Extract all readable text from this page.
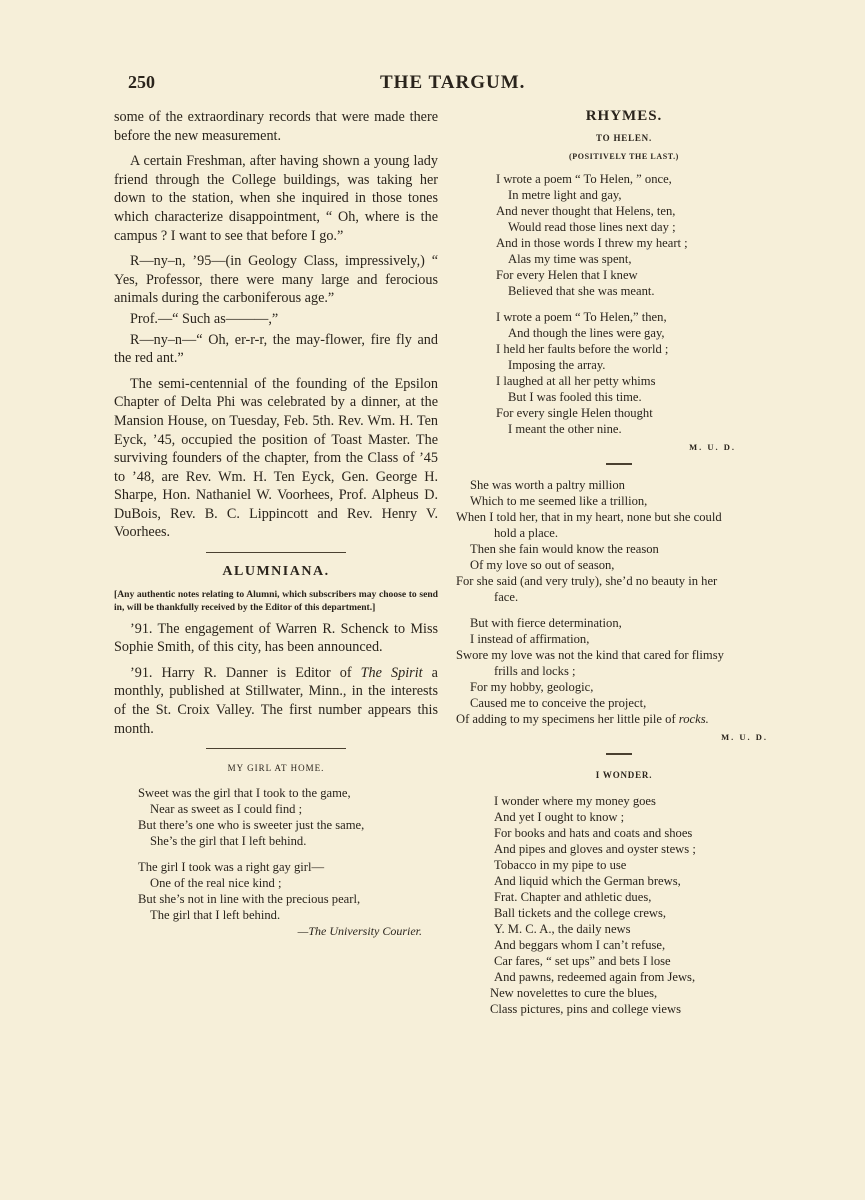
250	THE TARGUM.

some of the extraordinary records that were made there before the new measurement.

A certain Freshman, after having shown a young lady friend through the College buildings, was taking her down to the station, when she inquired in those tones which characterize disappointment, “ Oh, where is the campus ? I want to see that before I go.”

R—ny–n, ’95—(in Geology Class, impressively,) “ Yes, Professor, there were many large and ferocious animals during the carboniferous age.”

Prof.—“ Such as———,”

R—ny–n—“ Oh, er-r-r, the may-flower, fire fly and the red ant.”

The semi-centennial of the founding of the Epsilon Chapter of Delta Phi was celebrated by a dinner, at the Mansion House, on Tuesday, Feb. 5th. Rev. Wm. H. Ten Eyck, ’45, occupied the position of Toast Master. The surviving founders of the chapter, from the Class of ’45 to ’48, are Rev. Wm. H. Ten Eyck, Gen. George H. Sharpe, Hon. Nathaniel W. Voorhees, Prof. Alpheus D. DuBois, Rev. B. C. Lippincott and Rev. Henry V. Voorhees.

ALUMNIANA.

[Any authentic notes relating to Alumni, which subscribers may choose to send in, will be thankfully received by the Editor of this department.]

’91. The engagement of Warren R. Schenck to Miss Sophie Smith, of this city, has been announced.

’91. Harry R. Danner is Editor of The Spirit a monthly, published at Stillwater, Minn., in the interests of the St. Croix Valley. The first number appears this month.

MY GIRL AT HOME.
Sweet was the girl that I took to the game,
Near as sweet as I could find ;
But there’s one who is sweeter just the same,
She’s the girl that I left behind.
The girl I took was a right gay girl—
One of the real nice kind ;
But she’s not in line with the precious pearl,
The girl that I left behind.
—The University Courier.
RHYMES.
TO HELEN.
(POSITIVELY THE LAST.)
I wrote a poem “ To Helen, ” once,
In metre light and gay,
And never thought that Helens, ten,
Would read those lines next day ;
And in those words I threw my heart ;
Alas my time was spent,
For every Helen that I knew
Believed that she was meant.
I wrote a poem “ To Helen,” then,
And though the lines were gay,
I held her faults before the world ;
Imposing the array.
I laughed at all her petty whims
But I was fooled this time.
For every single Helen thought
I meant the other nine.
M. U. D.
She was worth a paltry million
Which to me seemed like a trillion,
When I told her, that in my heart, none but she could
hold a place.
Then she fain would know the reason
Of my love so out of season,
For she said (and very truly), she’d no beauty in her
face.
But with fierce determination,
I instead of affirmation,
Swore my love was not the kind that cared for flimsy
frills and locks ;
For my hobby, geologic,
Caused me to conceive the project,
Of adding to my specimens her little pile of rocks.
M. U. D.
I WONDER.
I wonder where my money goes
And yet I ought to know ;
For books and hats and coats and shoes
And pipes and gloves and oyster stews ;
Tobacco in my pipe to use
And liquid which the German brews,
Frat. Chapter and athletic dues,
Ball tickets and the college crews,
Y. M. C. A., the daily news
And beggars whom I can’t refuse,
Car fares, “ set ups” and bets I lose
And pawns, redeemed again from Jews,
New novelettes to cure the blues,
Class pictures, pins and college views
